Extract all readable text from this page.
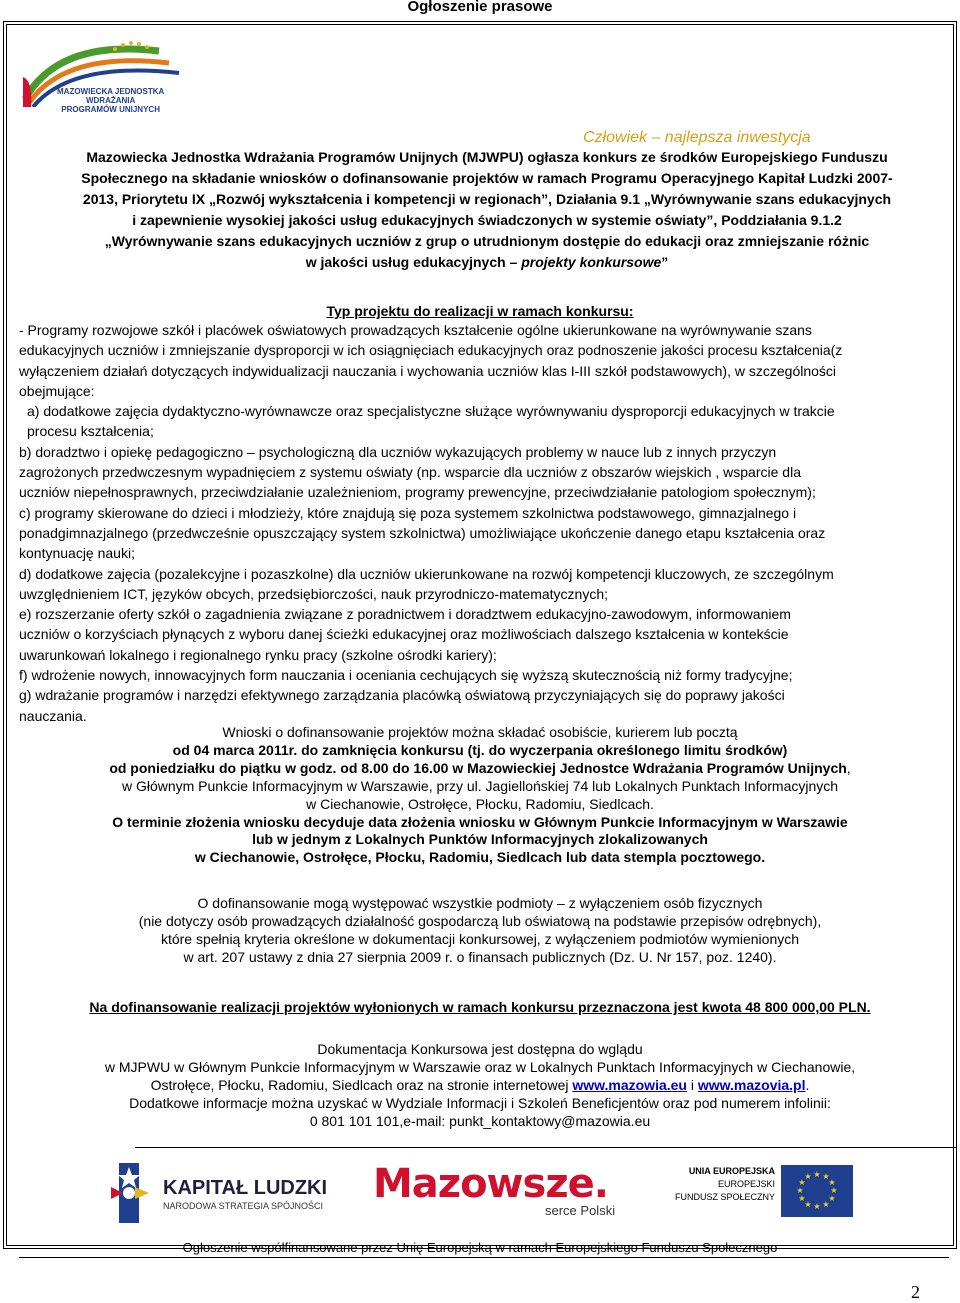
Ogłoszenie prasowe
MAZOWIECKA JEDNOSTKA
WDRAŻANIA
PROGRAMÓW UNIJNYCH
Człowiek – najlepsza inwestycja
Mazowiecka Jednostka Wdrażania Programów Unijnych (MJWPU) ogłasza konkurs ze środków Europejskiego Funduszu
Społecznego na składanie wniosków o dofinansowanie projektów w ramach Programu Operacyjnego Kapitał Ludzki 2007-
2013, Priorytetu IX „Rozwój wykształcenia i kompetencji w regionach”, Działania 9.1 „Wyrównywanie szans edukacyjnych
i zapewnienie wysokiej jakości usług edukacyjnych świadczonych w systemie oświaty”, Poddziałania 9.1.2
„Wyrównywanie szans edukacyjnych uczniów z grup o utrudnionym dostępie do edukacji oraz zmniejszanie różnic
w jakości usług edukacyjnych – projekty konkursowe”
Typ projektu do realizacji w ramach konkursu:

- Programy rozwojowe szkół i placówek oświatowych prowadzących kształcenie ogólne ukierunkowane na wyrównywanie szans

edukacyjnych uczniów i zmniejszanie dysproporcji w ich osiągnięciach edukacyjnych oraz podnoszenie jakości procesu kształcenia(z

wyłączeniem działań dotyczących indywidualizacji nauczania i wychowania uczniów klas I-III szkół podstawowych), w szczególności

obejmujące:

a) dodatkowe zajęcia dydaktyczno-wyrównawcze oraz specjalistyczne służące wyrównywaniu dysproporcji edukacyjnych w trakcie

procesu kształcenia;

b) doradztwo i opiekę pedagogiczno – psychologiczną dla uczniów wykazujących problemy w nauce lub z innych przyczyn

zagrożonych przedwczesnym wypadnięciem z systemu oświaty (np. wsparcie dla uczniów z obszarów wiejskich , wsparcie dla

uczniów niepełnosprawnych, przeciwdziałanie uzależnieniom, programy prewencyjne, przeciwdziałanie patologiom społecznym);

c) programy skierowane do dzieci i młodzieży, które znajdują się poza systemem szkolnictwa podstawowego, gimnazjalnego i

ponadgimnazjalnego (przedwcześnie opuszczający system szkolnictwa) umożliwiające ukończenie danego etapu kształcenia oraz

kontynuację nauki;

d) dodatkowe zajęcia (pozalekcyjne i pozaszkolne) dla uczniów ukierunkowane na rozwój kompetencji kluczowych, ze szczególnym

uwzględnieniem ICT, języków obcych, przedsiębiorczości, nauk przyrodniczo-matematycznych;

e) rozszerzanie oferty szkół o zagadnienia związane z poradnictwem i doradztwem edukacyjno-zawodowym, informowaniem

uczniów o korzyściach płynących z wyboru danej ścieżki edukacyjnej oraz możliwościach dalszego kształcenia w kontekście

uwarunkowań lokalnego i regionalnego rynku pracy (szkolne ośrodki kariery);

f) wdrożenie nowych, innowacyjnych form nauczania i oceniania cechujących się wyższą skutecznością niż formy tradycyjne;

g) wdrażanie programów i narzędzi efektywnego zarządzania placówką oświatową przyczyniających się do poprawy jakości

nauczania.

Wnioski o dofinansowanie projektów można składać osobiście, kurierem lub pocztą

od 04 marca 2011r. do zamknięcia konkursu (tj. do wyczerpania określonego limitu środków)

od poniedziałku do piątku w godz. od 8.00 do 16.00 w Mazowieckiej Jednostce Wdrażania Programów Unijnych,

w Głównym Punkcie Informacyjnym w Warszawie, przy ul. Jagiellońskiej 74 lub Lokalnych Punktach Informacyjnych

w Ciechanowie, Ostrołęce, Płocku, Radomiu, Siedlcach.

O terminie złożenia wniosku decyduje data złożenia wniosku w Głównym Punkcie Informacyjnym w Warszawie

lub w jednym z Lokalnych Punktów Informacyjnych zlokalizowanych

w Ciechanowie, Ostrołęce, Płocku, Radomiu, Siedlcach lub data stempla pocztowego.

O dofinansowanie mogą występować wszystkie podmioty – z wyłączeniem osób fizycznych

(nie dotyczy osób prowadzących działalność gospodarczą lub oświatową na podstawie przepisów odrębnych),

które spełnią kryteria określone w dokumentacji konkursowej, z wyłączeniem podmiotów wymienionych

w art. 207 ustawy z dnia 27 sierpnia 2009 r. o finansach publicznych (Dz. U. Nr 157, poz. 1240).

Na dofinansowanie realizacji projektów wyłonionych w ramach konkursu przeznaczona jest kwota 48 800 000,00 PLN.

Dokumentacja Konkursowa jest dostępna do wglądu

w MJPWU w Głównym Punkcie Informacyjnym w Warszawie oraz w Lokalnych Punktach Informacyjnych w Ciechanowie,

Ostrołęce, Płocku, Radomiu, Siedlcach oraz na stronie internetowej www.mazowia.eu i www.mazovia.pl.

Dodatkowe informacje można uzyskać w Wydziale Informacji i Szkoleń Beneficjentów oraz pod numerem infolinii:

0 801 101 101,e-mail: punkt_kontaktowy@mazowia.eu

KAPITAŁ LUDZKI
NARODOWA STRATEGIA SPÓJNOŚCI Mazowsze.
serce Polski
UNIA EUROPEJSKA
EUROPEJSKI
FUNDUSZ SPOŁECZNY
★ ★
★
★
★
★
★
★
★
★
★
★
Ogłoszenie współfinansowane przez Unię Europejską w ramach Europejskiego Funduszu Społecznego
2
